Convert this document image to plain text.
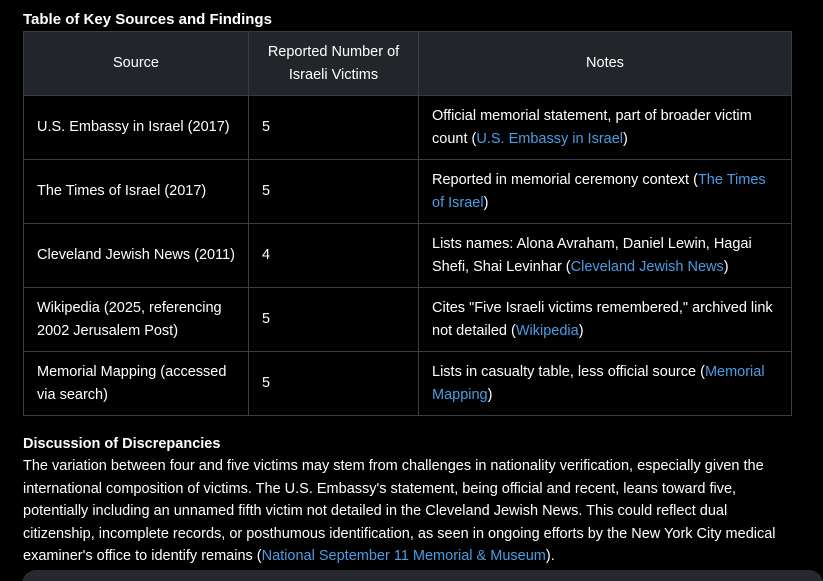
Table of Key Sources and Findings
Source	Reported Number of Israeli Victims	Notes
U.S. Embassy in Israel (2017)	5	Official memorial statement, part of broader victim count (U.S. Embassy in Israel)
The Times of Israel (2017)	5	Reported in memorial ceremony context (The Times of Israel)
Cleveland Jewish News (2011)	4	Lists names: Alona Avraham, Daniel Lewin, Hagai Shefi, Shai Levinhar (Cleveland Jewish News)
Wikipedia (2025, referencing 2002 Jerusalem Post)	5	Cites "Five Israeli victims remembered," archived link not detailed (Wikipedia)
Memorial Mapping (accessed via search)	5	Lists in casualty table, less official source (Memorial Mapping)
Discussion of Discrepancies
The variation between four and five victims may stem from challenges in nationality verification, especially given the international composition of victims. The U.S. Embassy's statement, being official and recent, leans toward five, potentially including an unnamed fifth victim not detailed in the Cleveland Jewish News. This could reflect dual citizenship, incomplete records, or posthumous identification, as seen in ongoing efforts by the New York City medical examiner's office to identify remains (National September 11 Memorial & Museum).
